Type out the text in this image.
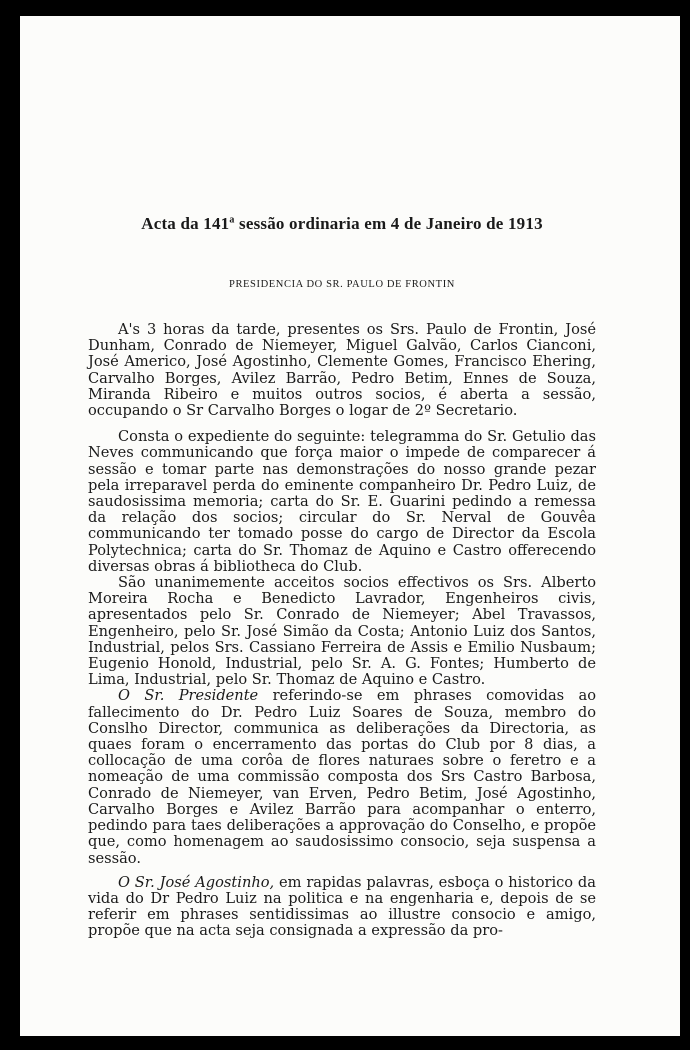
Acta da 141$^a$ sessão ordinaria em 4 de Janeiro de 1913
PRESIDENCIA DO SR. PAULO DE FRONTIN

A's 3 horas da tarde, presentes os Srs. Paulo de Frontin, José Dunham, Conrado de Niemeyer, Miguel Galvão, Carlos Cianconi, José Americo, José Agostinho, Clemente Gomes, Francisco Ehering, Carvalho Borges, Avilez Barrão, Pedro Betim, Ennes de Souza, Miranda Ribeiro e muitos outros socios, é aberta a sessão, occupando o Sr Carvalho Borges o logar de 2º Secretario.

Consta o expediente do seguinte: telegramma do Sr. Getulio das Neves communicando que força maior o impede de comparecer á sessão e tomar parte nas demonstrações do nosso grande pezar pela irreparavel perda do eminente companheiro Dr. Pedro Luiz, de saudosissima memoria; carta do Sr. E. Guarini pedindo a remessa da relação dos socios; circular do Sr. Nerval de Gouvêa communicando ter tomado posse do cargo de Director da Escola Polytechnica; carta do Sr. Thomaz de Aquino e Castro offerecendo diversas obras á bibliotheca do Club.

São unanimemente acceitos socios effectivos os Srs. Alberto Moreira Rocha e Benedicto Lavrador, Engenheiros civis, apresentados pelo Sr. Conrado de Niemeyer; Abel Travassos, Engenheiro, pelo Sr. José Simão da Costa; Antonio Luiz dos Santos, Industrial, pelos Srs. Cassiano Ferreira de Assis e Emilio Nusbaum; Eugenio Honold, Industrial, pelo Sr. A. G. Fontes; Humberto de Lima, Industrial, pelo Sr. Thomaz de Aquino e Castro.

O Sr. Presidente referindo-se em phrases comovidas ao fallecimento do Dr. Pedro Luiz Soares de Souza, membro do Conslho Director, communica as deliberações da Directoria, as quaes foram o encerramento das portas do Club por 8 dias, a collocação de uma corôa de flores naturaes sobre o feretro e a nomeação de uma commissão composta dos Srs Castro Barbosa, Conrado de Niemeyer, van Erven, Pedro Betim, José Agostinho, Carvalho Borges e Avilez Barrão para acompanhar o enterro, pedindo para taes deliberações a approvação do Conselho, e propõe que, como homenagem ao saudosissimo consocio, seja suspensa a sessão.

O Sr. José Agostinho, em rapidas palavras, esboça o historico da vida do Dr Pedro Luiz na politica e na engenharia e, depois de se referir em phrases sentidissimas ao illustre consocio e amigo, propõe que na acta seja consignada a expressão da pro-
